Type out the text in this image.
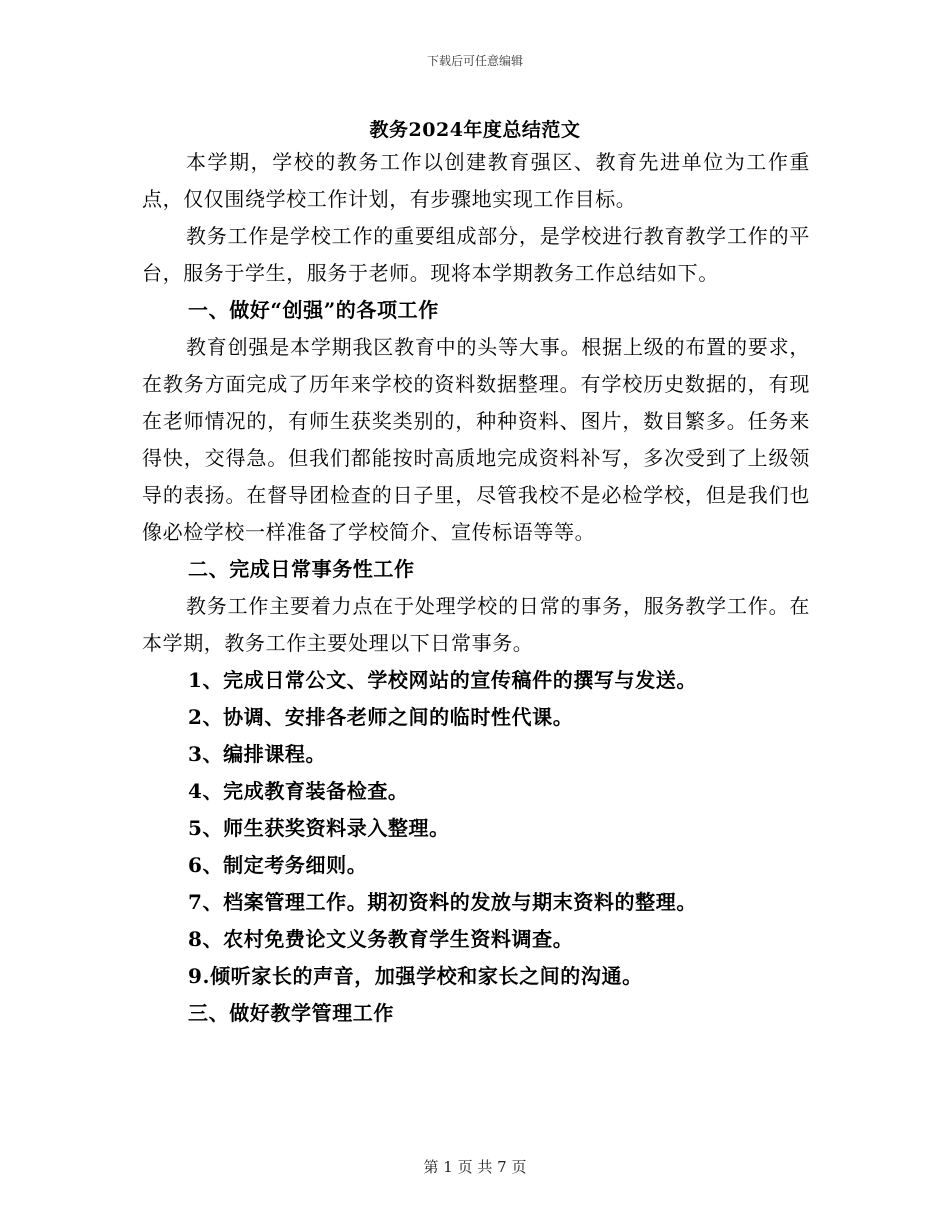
下载后可任意编辑
教务2024年度总结范文

本学期，学校的教务工作以创建教育强区、教育先进单位为工作重点，仅仅围绕学校工作计划，有步骤地实现工作目标。

教务工作是学校工作的重要组成部分，是学校进行教育教学工作的平台，服务于学生，服务于老师。现将本学期教务工作总结如下。

一、做好“创强”的各项工作

教育创强是本学期我区教育中的头等大事。根据上级的布置的要求，在教务方面完成了历年来学校的资料数据整理。有学校历史数据的，有现在老师情况的，有师生获奖类别的，种种资料、图片，数目繁多。任务来得快，交得急。但我们都能按时高质地完成资料补写，多次受到了上级领导的表扬。在督导团检查的日子里，尽管我校不是必检学校，但是我们也像必检学校一样准备了学校简介、宣传标语等等。

二、完成日常事务性工作

教务工作主要着力点在于处理学校的日常的事务，服务教学工作。在本学期，教务工作主要处理以下日常事务。

1、完成日常公文、学校网站的宣传稿件的撰写与发送。

2、协调、安排各老师之间的临时性代课。

3、编排课程。

4、完成教育装备检查。

5、师生获奖资料录入整理。

6、制定考务细则。

7、档案管理工作。期初资料的发放与期末资料的整理。

8、农村免费论文义务教育学生资料调查。

9.倾听家长的声音，加强学校和家长之间的沟通。

三、做好教学管理工作

第 1 页 共 7 页
